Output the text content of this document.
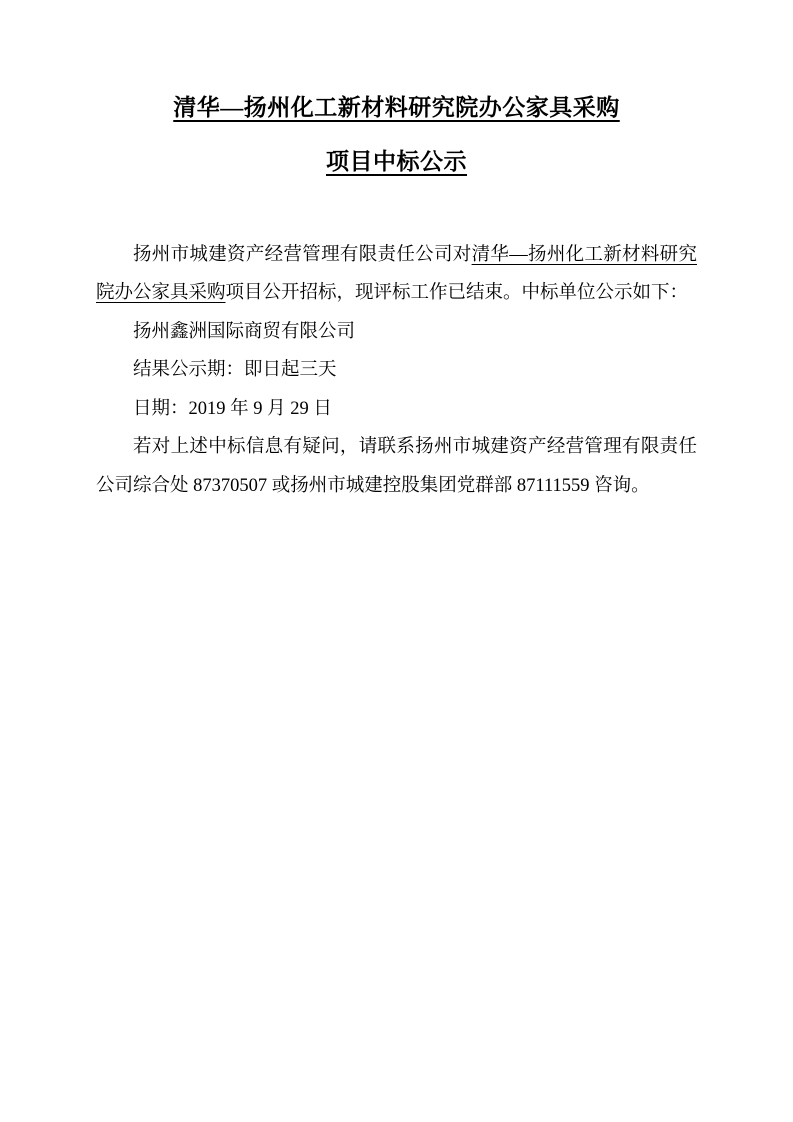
清华—扬州化工新材料研究院办公家具采购
项目中标公示

扬州市城建资产经营管理有限责任公司对清华—扬州化工新材料研究院办公家具采购项目公开招标，现评标工作已结束。中标单位公示如下：

扬州鑫洲国际商贸有限公司

结果公示期：即日起三天

日期：2019 年 9 月 29 日

若对上述中标信息有疑问，请联系扬州市城建资产经营管理有限责任公司综合处 87370507 或扬州市城建控股集团党群部 87111559 咨询。
